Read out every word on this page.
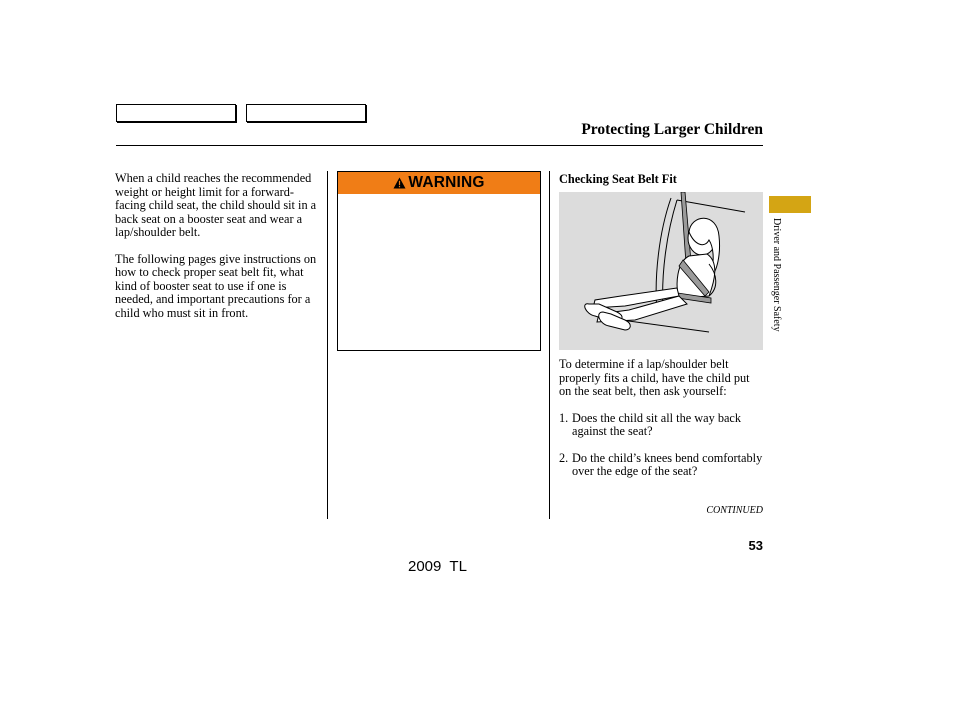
Protecting Larger Children

When a child reaches the recommended weight or height limit for a forward-facing child seat, the child should sit in a back seat on a booster seat and wear a lap/shoulder belt.

The following pages give instructions on how to check proper seat belt fit, what kind of booster seat to use if one is needed, and important precautions for a child who must sit in front.

WARNING	Checking Seat Belt Fit

To determine if a lap/shoulder belt properly fits a child, have the child put on the seat belt, then ask yourself:

1. Does the child sit all the way back against the seat?
2. Do the child’s knees bend comfortably over the edge of the seat?
CONTINUED
Driver and Passenger Safety
53
2009  TL
